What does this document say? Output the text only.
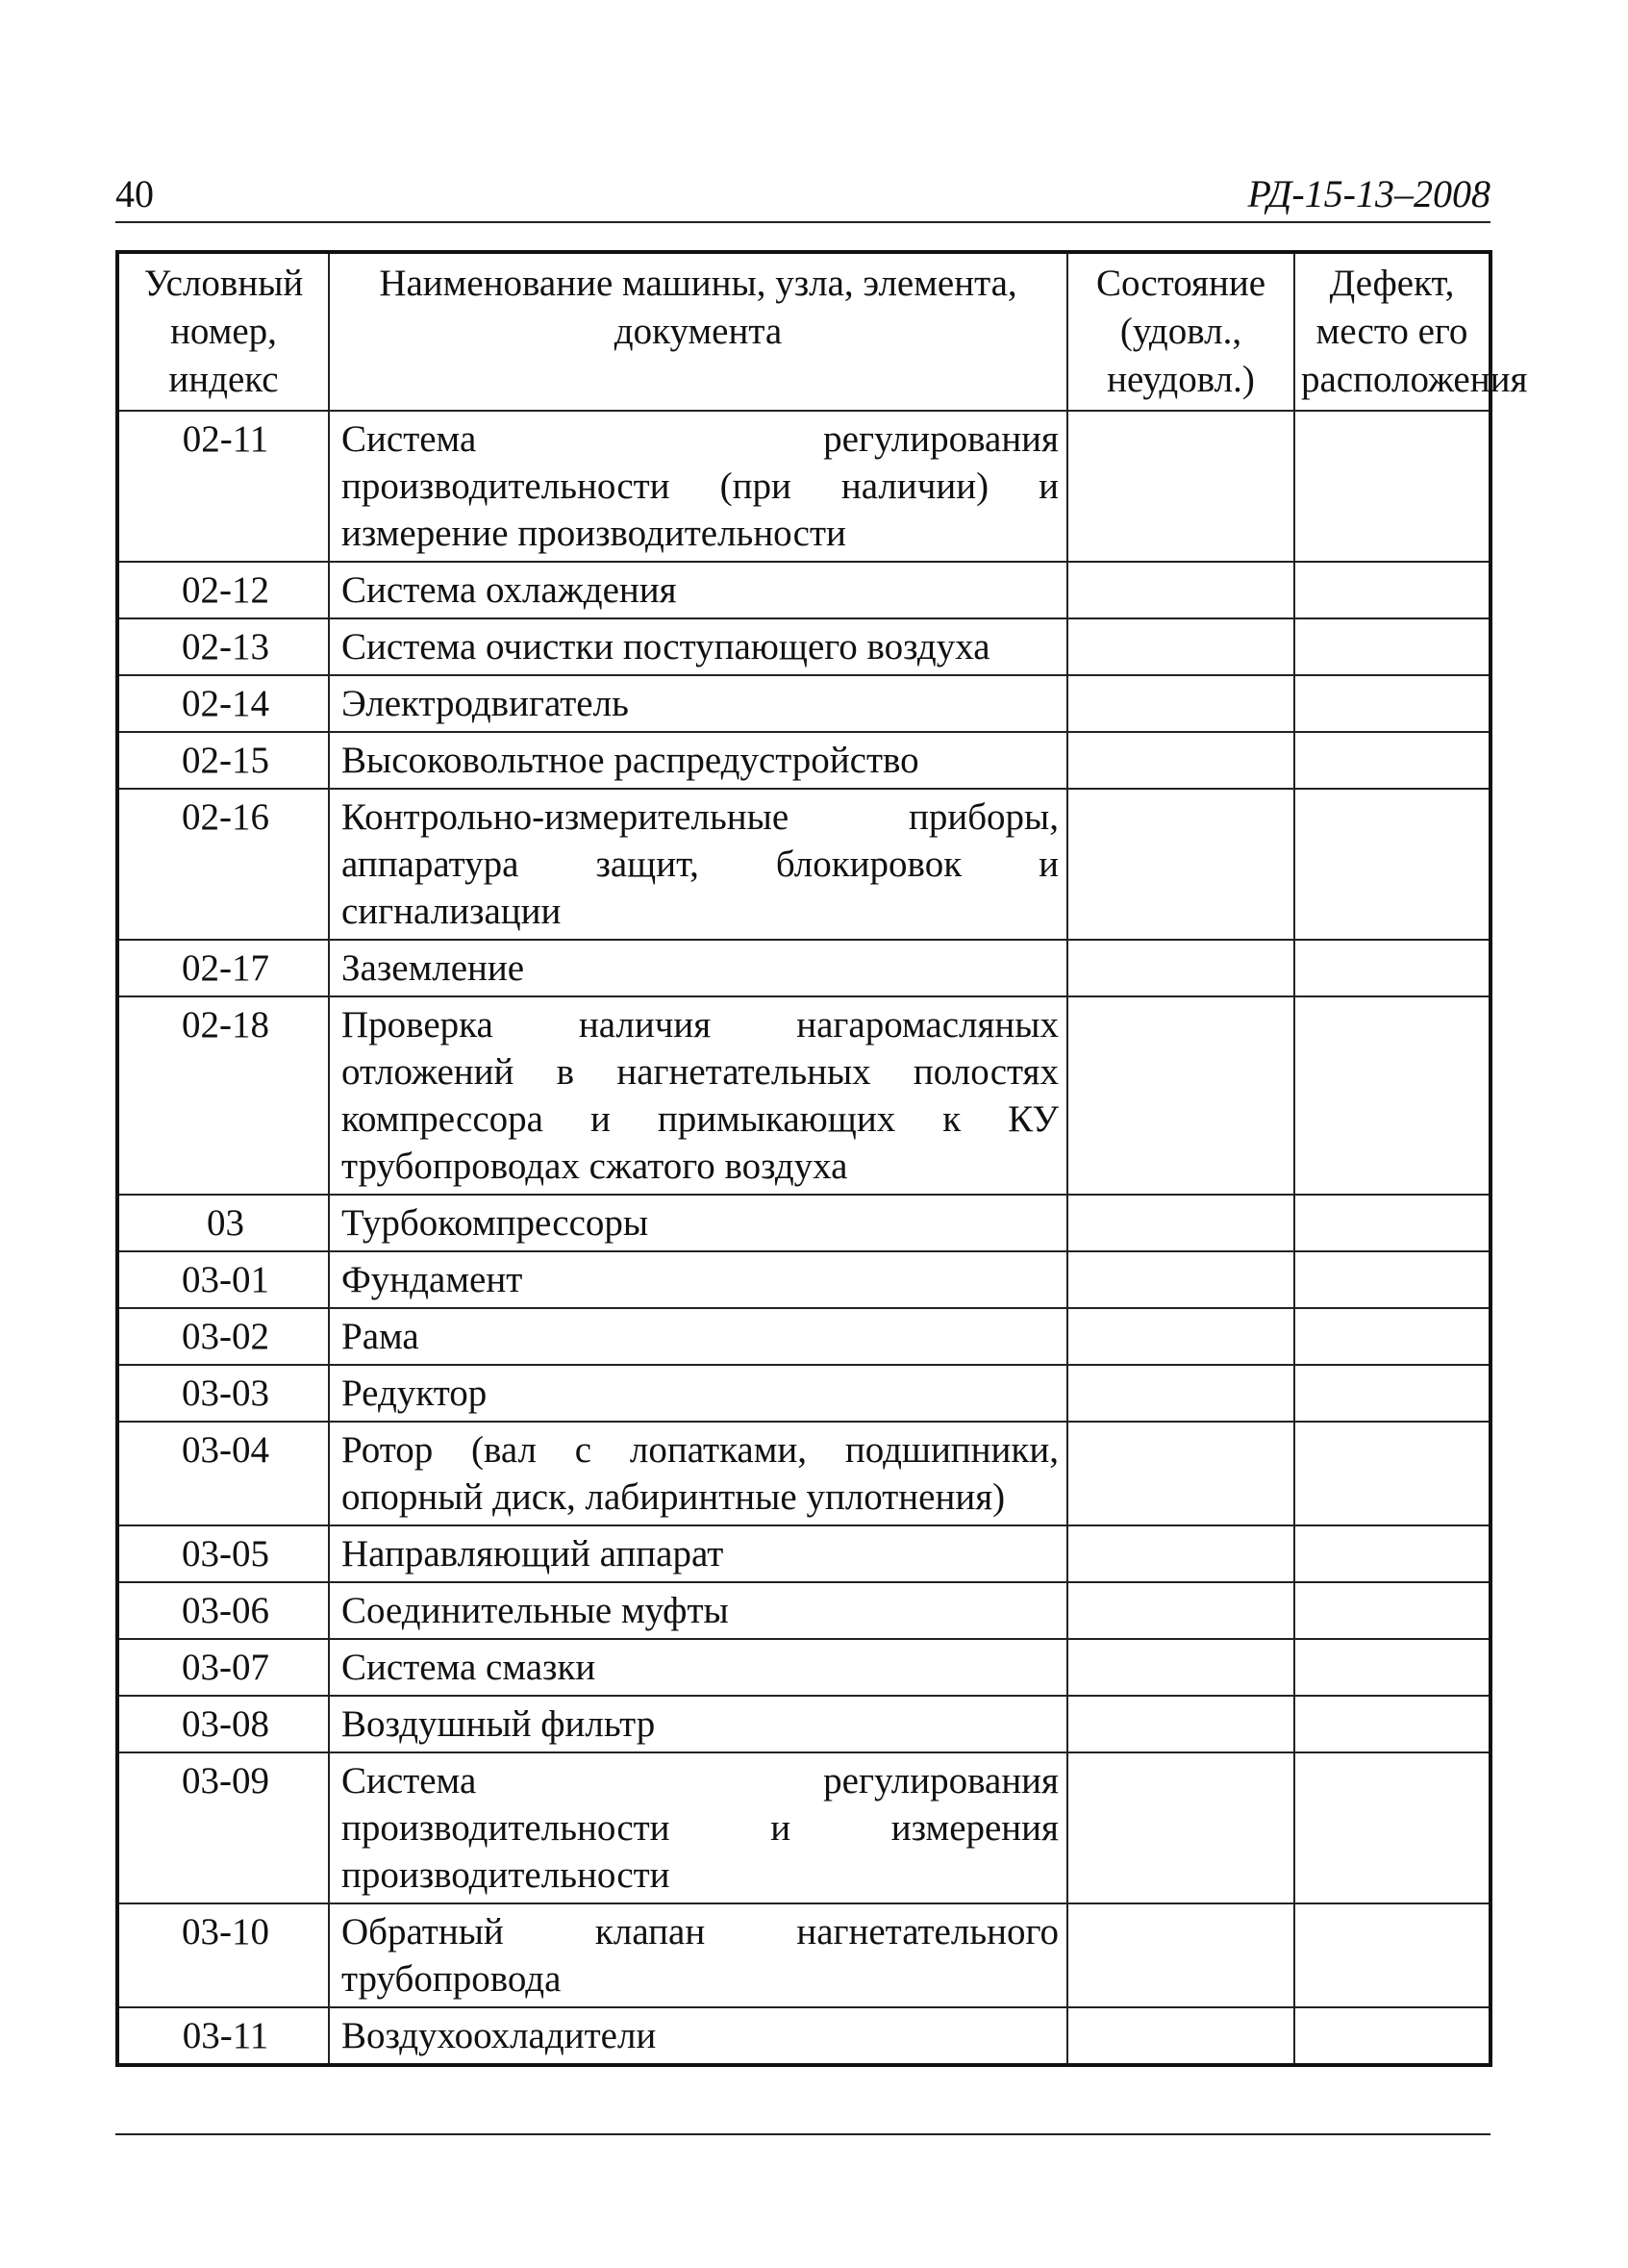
40	РД-15-13–2008
Условный номер, индекс	Наименование машины, узла, элемента, документа	Состояние (удовл., неудовл.)	Дефект, место его расположения
02-11	Система регулирования производительности (при наличии) и измерение производительности		
02-12	Система охлаждения		
02-13	Система очистки поступающего воздуха		
02-14	Электродвигатель		
02-15	Высоковольтное распредустройство		
02-16	Контрольно-измерительные приборы, аппаратура защит, блокировок и сигнализации		
02-17	Заземление		
02-18	Проверка наличия нагаромасляных отложений в нагнетательных полостях компрессора и примыкающих к КУ трубопроводах сжатого воздуха		
03	Турбокомпрессоры		
03-01	Фундамент		
03-02	Рама		
03-03	Редуктор		
03-04	Ротор (вал с лопатками, подшипники, опорный диск, лабиринтные уплотнения)		
03-05	Направляющий аппарат		
03-06	Соединительные муфты		
03-07	Система смазки		
03-08	Воздушный фильтр		
03-09	Система регулирования производительности и измерения производительности		
03-10	Обратный клапан нагнетательного трубопровода		
03-11	Воздухоохладители		
